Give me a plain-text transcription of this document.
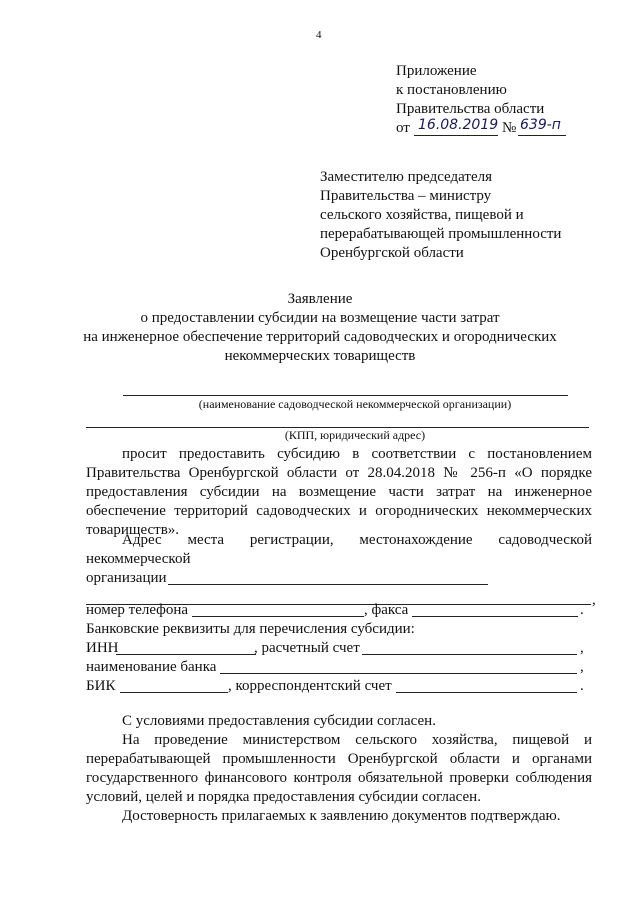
4
Приложение
к постановлению
Правительства области
от 16.08.2019 № 639-п
Заместителю председателя
Правительства – министру
сельского хозяйства, пищевой и
перерабатывающей промышленности
Оренбургской области
Заявление
о предоставлении субсидии на возмещение части затрат
на инженерное обеспечение территорий садоводческих и огороднических
некоммерческих товариществ
(наименование садоводческой некоммерческой организации)
(КПП, юридический адрес)
просит предоставить субсидию в соответствии с постановлением
Правительства Оренбургской области от 28.04.2018 № 256-п «О порядке
предоставления субсидии на возмещение части затрат на инженерное
обеспечение территорий садоводческих и огороднических некоммерческих
товариществ».
Адрес места регистрации, местонахождение садоводческой
некоммерческой
организации
,
номер телефона	, факса	.
Банковские реквизиты для перечисления субсидии:
ИНН	, расчетный счет	,
наименование банка	,
БИК	, корреспондентский счет	.
С условиями предоставления субсидии согласен.
На проведение министерством сельского хозяйства, пищевой и
перерабатывающей промышленности Оренбургской области и органами
государственного финансового контроля обязательной проверки соблюдения
условий, целей и порядка предоставления субсидии согласен.
Достоверность прилагаемых к заявлению документов подтверждаю.
